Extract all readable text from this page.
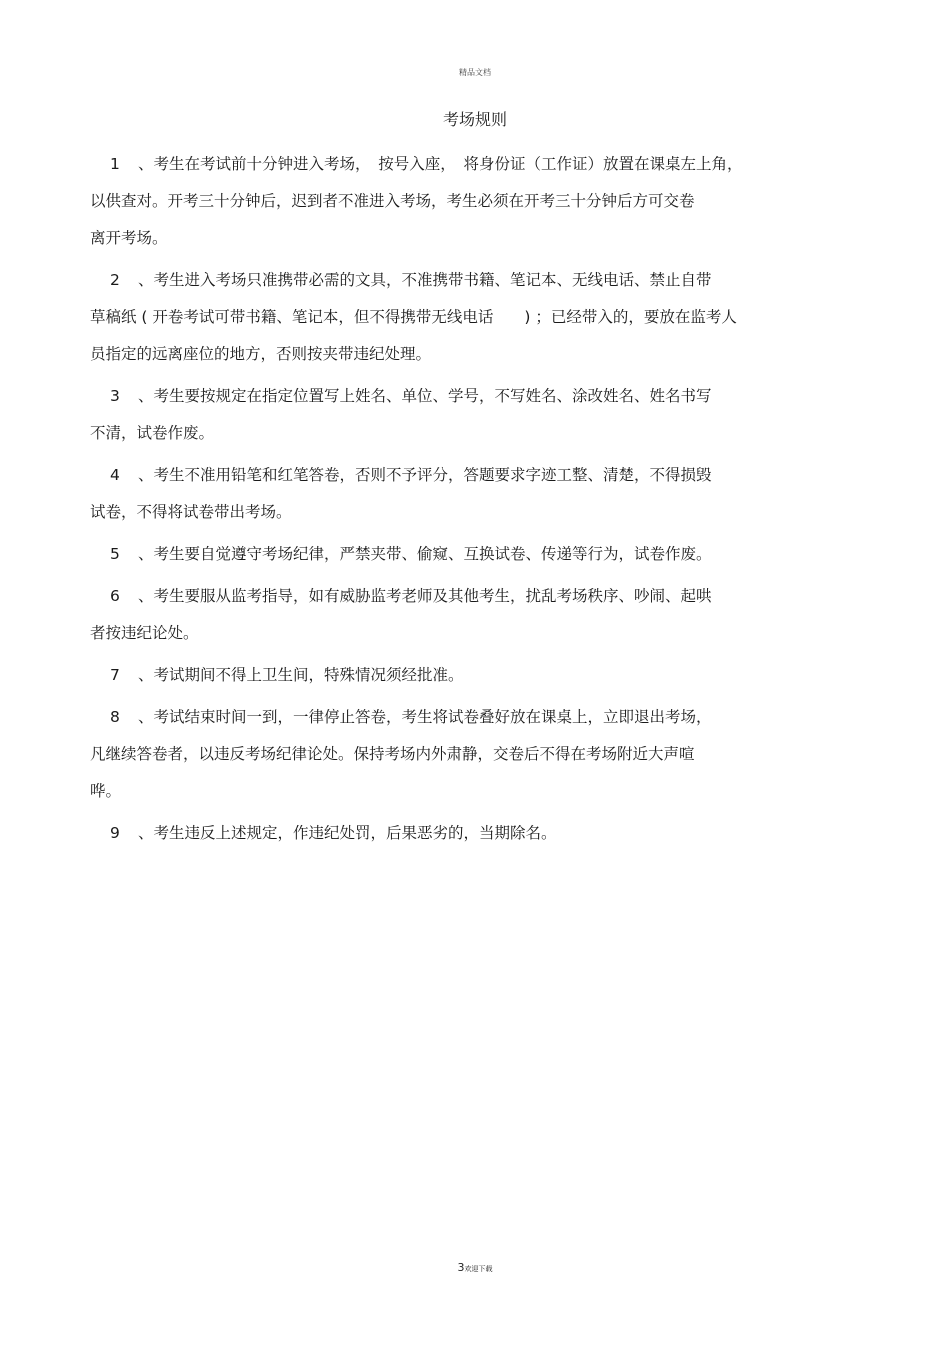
精品文档
考场规则
1 、考生在考试前十分钟进入考场，　按号入座，　将身份证（工作证）放置在课桌左上角，
以供查对。开考三十分钟后，迟到者不准进入考场，考生必须在开考三十分钟后方可交卷
离开考场。
2 、考生进入考场只准携带必需的文具，不准携带书籍、笔记本、无线电话、禁止自带
草稿纸 ( 开卷考试可带书籍、笔记本，但不得携带无线电话　　) ；已经带入的，要放在监考人
员指定的远离座位的地方，否则按夹带违纪处理。
3 、考生要按规定在指定位置写上姓名、单位、学号，不写姓名、涂改姓名、姓名书写
不清，试卷作废。
4 、考生不准用铅笔和红笔答卷，否则不予评分，答题要求字迹工整、清楚，不得损毁
试卷，不得将试卷带出考场。
5 、考生要自觉遵守考场纪律，严禁夹带、偷窥、互换试卷、传递等行为，试卷作废。
6 、考生要服从监考指导，如有威胁监考老师及其他考生，扰乱考场秩序、吵闹、起哄
者按违纪论处。
7 、考试期间不得上卫生间，特殊情况须经批准。
8 、考试结束时间一到，一律停止答卷，考生将试卷叠好放在课桌上，立即退出考场，
凡继续答卷者，以违反考场纪律论处。保持考场内外肃静，交卷后不得在考场附近大声喧
哗。
9 、考生违反上述规定，作违纪处罚，后果恶劣的，当期除名。
3欢迎下载
